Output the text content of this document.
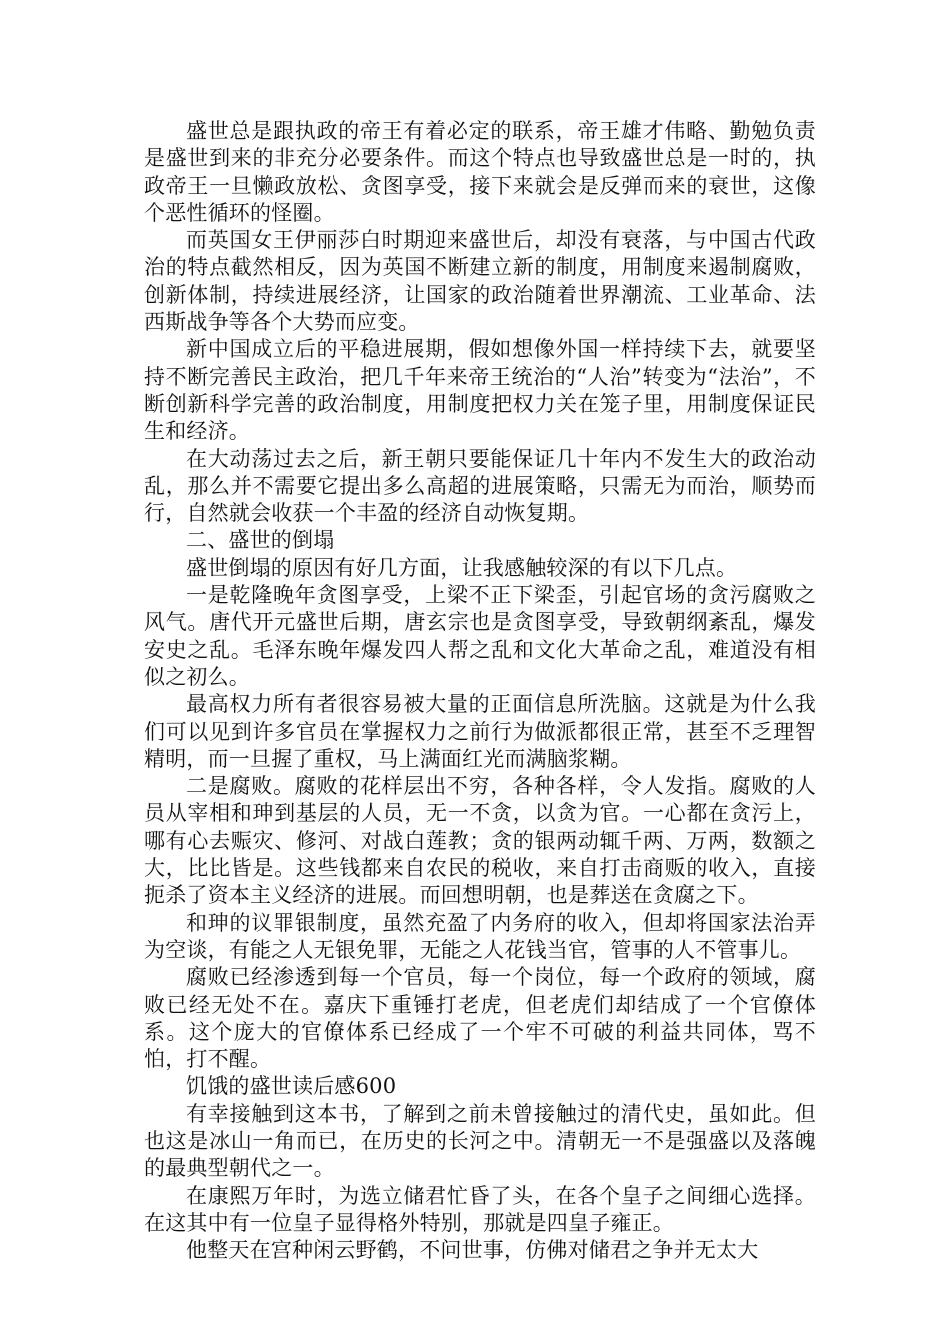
盛世总是跟执政的帝王有着必定的联系，帝王雄才伟略、勤勉负责是盛世到来的非充分必要条件。而这个特点也导致盛世总是一时的，执政帝王一旦懒政放松、贪图享受，接下来就会是反弹而来的衰世，这像个恶性循环的怪圈。

而英国女王伊丽莎白时期迎来盛世后，却没有衰落，与中国古代政治的特点截然相反，因为英国不断建立新的制度，用制度来遏制腐败，创新体制，持续进展经济，让国家的政治随着世界潮流、工业革命、法西斯战争等各个大势而应变。

新中国成立后的平稳进展期，假如想像外国一样持续下去，就要坚持不断完善民主政治，把几千年来帝王统治的“人治”转变为“法治”，不断创新科学完善的政治制度，用制度把权力关在笼子里，用制度保证民生和经济。

在大动荡过去之后，新王朝只要能保证几十年内不发生大的政治动乱，那么并不需要它提出多么高超的进展策略，只需无为而治，顺势而行，自然就会收获一个丰盈的经济自动恢复期。

二、盛世的倒塌

盛世倒塌的原因有好几方面，让我感触较深的有以下几点。

一是乾隆晚年贪图享受，上梁不正下梁歪，引起官场的贪污腐败之风气。唐代开元盛世后期，唐玄宗也是贪图享受，导致朝纲紊乱，爆发安史之乱。毛泽东晚年爆发四人帮之乱和文化大革命之乱，难道没有相似之初么。

最高权力所有者很容易被大量的正面信息所洗脑。这就是为什么我们可以见到许多官员在掌握权力之前行为做派都很正常，甚至不乏理智精明，而一旦握了重权，马上满面红光而满脑浆糊。

二是腐败。腐败的花样层出不穷，各种各样，令人发指。腐败的人员从宰相和珅到基层的人员，无一不贪，以贪为官。一心都在贪污上，哪有心去赈灾、修河、对战白莲教；贪的银两动辄千两、万两，数额之大，比比皆是。这些钱都来自农民的税收，来自打击商贩的收入，直接扼杀了资本主义经济的进展。而回想明朝，也是葬送在贪腐之下。

和珅的议罪银制度，虽然充盈了内务府的收入，但却将国家法治弄为空谈，有能之人无银免罪，无能之人花钱当官，管事的人不管事儿。

腐败已经渗透到每一个官员，每一个岗位，每一个政府的领域，腐败已经无处不在。嘉庆下重锤打老虎，但老虎们却结成了一个官僚体系。这个庞大的官僚体系已经成了一个牢不可破的利益共同体，骂不怕，打不醒。

饥饿的盛世读后感600

有幸接触到这本书，了解到之前未曾接触过的清代史，虽如此。但也这是冰山一角而已，在历史的长河之中。清朝无一不是强盛以及落魄的最典型朝代之一。

在康熙万年时，为选立储君忙昏了头，在各个皇子之间细心选择。在这其中有一位皇子显得格外特别，那就是四皇子雍正。

他整天在宫种闲云野鹤，不问世事，仿佛对储君之争并无太大
